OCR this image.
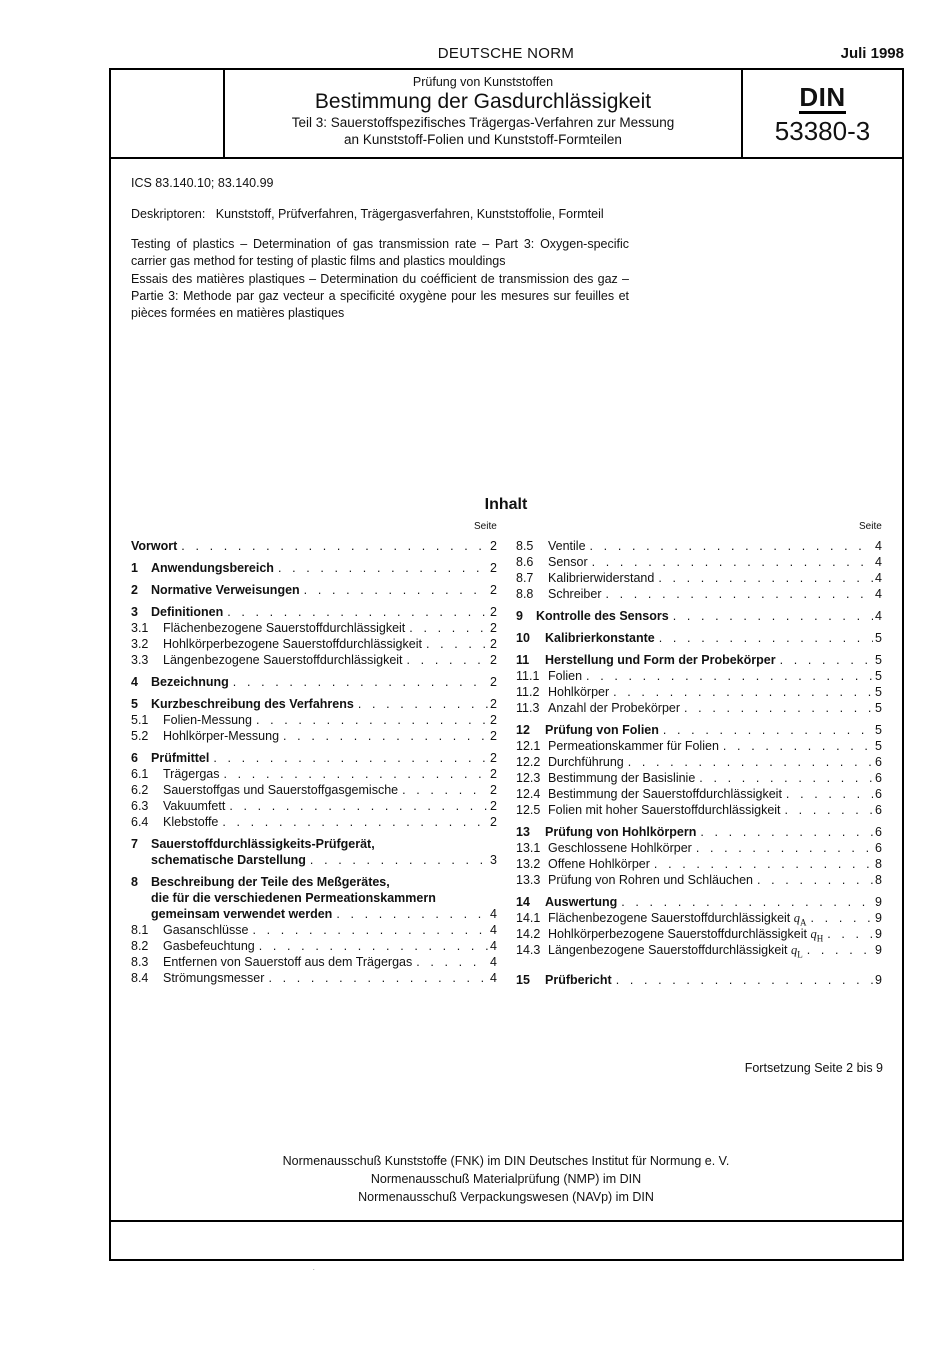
DEUTSCHE NORM	Juli 1998
Prüfung von Kunststoffen
Bestimmung der Gasdurchlässigkeit
Teil 3: Sauerstoffspezifisches Trägergas-Verfahren zur Messung
an Kunststoff-Folien und Kunststoff-Formteilen
DIN
53380-3
ICS 83.140.10; 83.140.99
Deskriptoren:   Kunststoff, Prüfverfahren, Trägergasverfahren, Kunststoffolie, Formteil
Testing of plastics – Determination of gas transmission rate – Part 3: Oxygen-specific carrier gas method for testing of plastic films and plastics mouldings
Essais des matières plastiques – Determination du coéfficient de transmission des gaz – Partie 3: Methode par gaz vecteur a specificité oxygène pour les mesures sur feuilles et pièces formées en matières plastiques
Inhalt
Seite	Seite
Vorwort . . .	2
1	Anwendungsbereich . . .	2
2	Normative Verweisungen . . .	2
3	Definitionen . . .	2
3.1	Flächenbezogene Sauerstoffdurchlässigkeit . . .	2
3.2	Hohlkörperbezogene Sauerstoffdurchlässigkeit . . .	2
3.3	Längenbezogene Sauerstoffdurchlässigkeit . . .	2
4	Bezeichnung . . .	2
5	Kurzbeschreibung des Verfahrens . . .	2
5.1	Folien-Messung . . .	2
5.2	Hohlkörper-Messung . . .	2
6	Prüfmittel . . .	2
6.1	Trägergas . . .	2
6.2	Sauerstoffgas und Sauerstoffgasgemische . . .	2
6.3	Vakuumfett . . .	2
6.4	Klebstoffe . . .	2
7 Sauerstoffdurchlässigkeits-Prüfgerät,
schematische Darstellung . . .	3
8 Beschreibung der Teile des Meßgerätes,
die für die verschiedenen Permeationskammern
gemeinsam verwendet werden . . .	4
8.1	Gasanschlüsse . . .	4
8.2	Gasbefeuchtung . . .	4
8.3	Entfernen von Sauerstoff aus dem Trägergas . . .	4
8.4	Strömungsmesser . . .	4
8.5	Ventile . . .	4
8.6	Sensor . . .	4
8.7	Kalibrierwiderstand . . .	4
8.8	Schreiber . . .	4
9	Kontrolle des Sensors . . .	4
10	Kalibrierkonstante . . .	5
11	Herstellung und Form der Probekörper . . .	5
11.1 Folien . . .	5
11.2 Hohlkörper . . .	5
11.3 Anzahl der Probekörper . . .	5
12	Prüfung von Folien . . .	5
12.1 Permeationskammer für Folien . . .	5
12.2 Durchführung . . .	6
12.3 Bestimmung der Basislinie . . .	6
12.4 Bestimmung der Sauerstoffdurchlässigkeit . . .	6
12.5 Folien mit hoher Sauerstoffdurchlässigkeit . . .	6
13	Prüfung von Hohlkörpern . . .	6
13.1 Geschlossene Hohlkörper . . .	6
13.2 Offene Hohlkörper . . .	8
13.3 Prüfung von Rohren und Schläuchen . . .	8
14	Auswertung . . .	9
14.1 Flächenbezogene Sauerstoffdurchlässigkeit
$q_A$ . . .	9
14.2 Hohlkörperbezogene Sauerstoffdurchlässigkeit
$q_H$ . . .	9
14.3 Längenbezogene Sauerstoffdurchlässigkeit
$q_L$ . . .	9
15	Prüfbericht . . .	9
Fortsetzung Seite 2 bis 9
Normenausschuß Kunststoffe (FNK) im DIN Deutsches Institut für Normung e. V.
Normenausschuß Materialprüfung (NMP) im DIN
Normenausschuß Verpackungswesen (NAVp) im DIN
.
